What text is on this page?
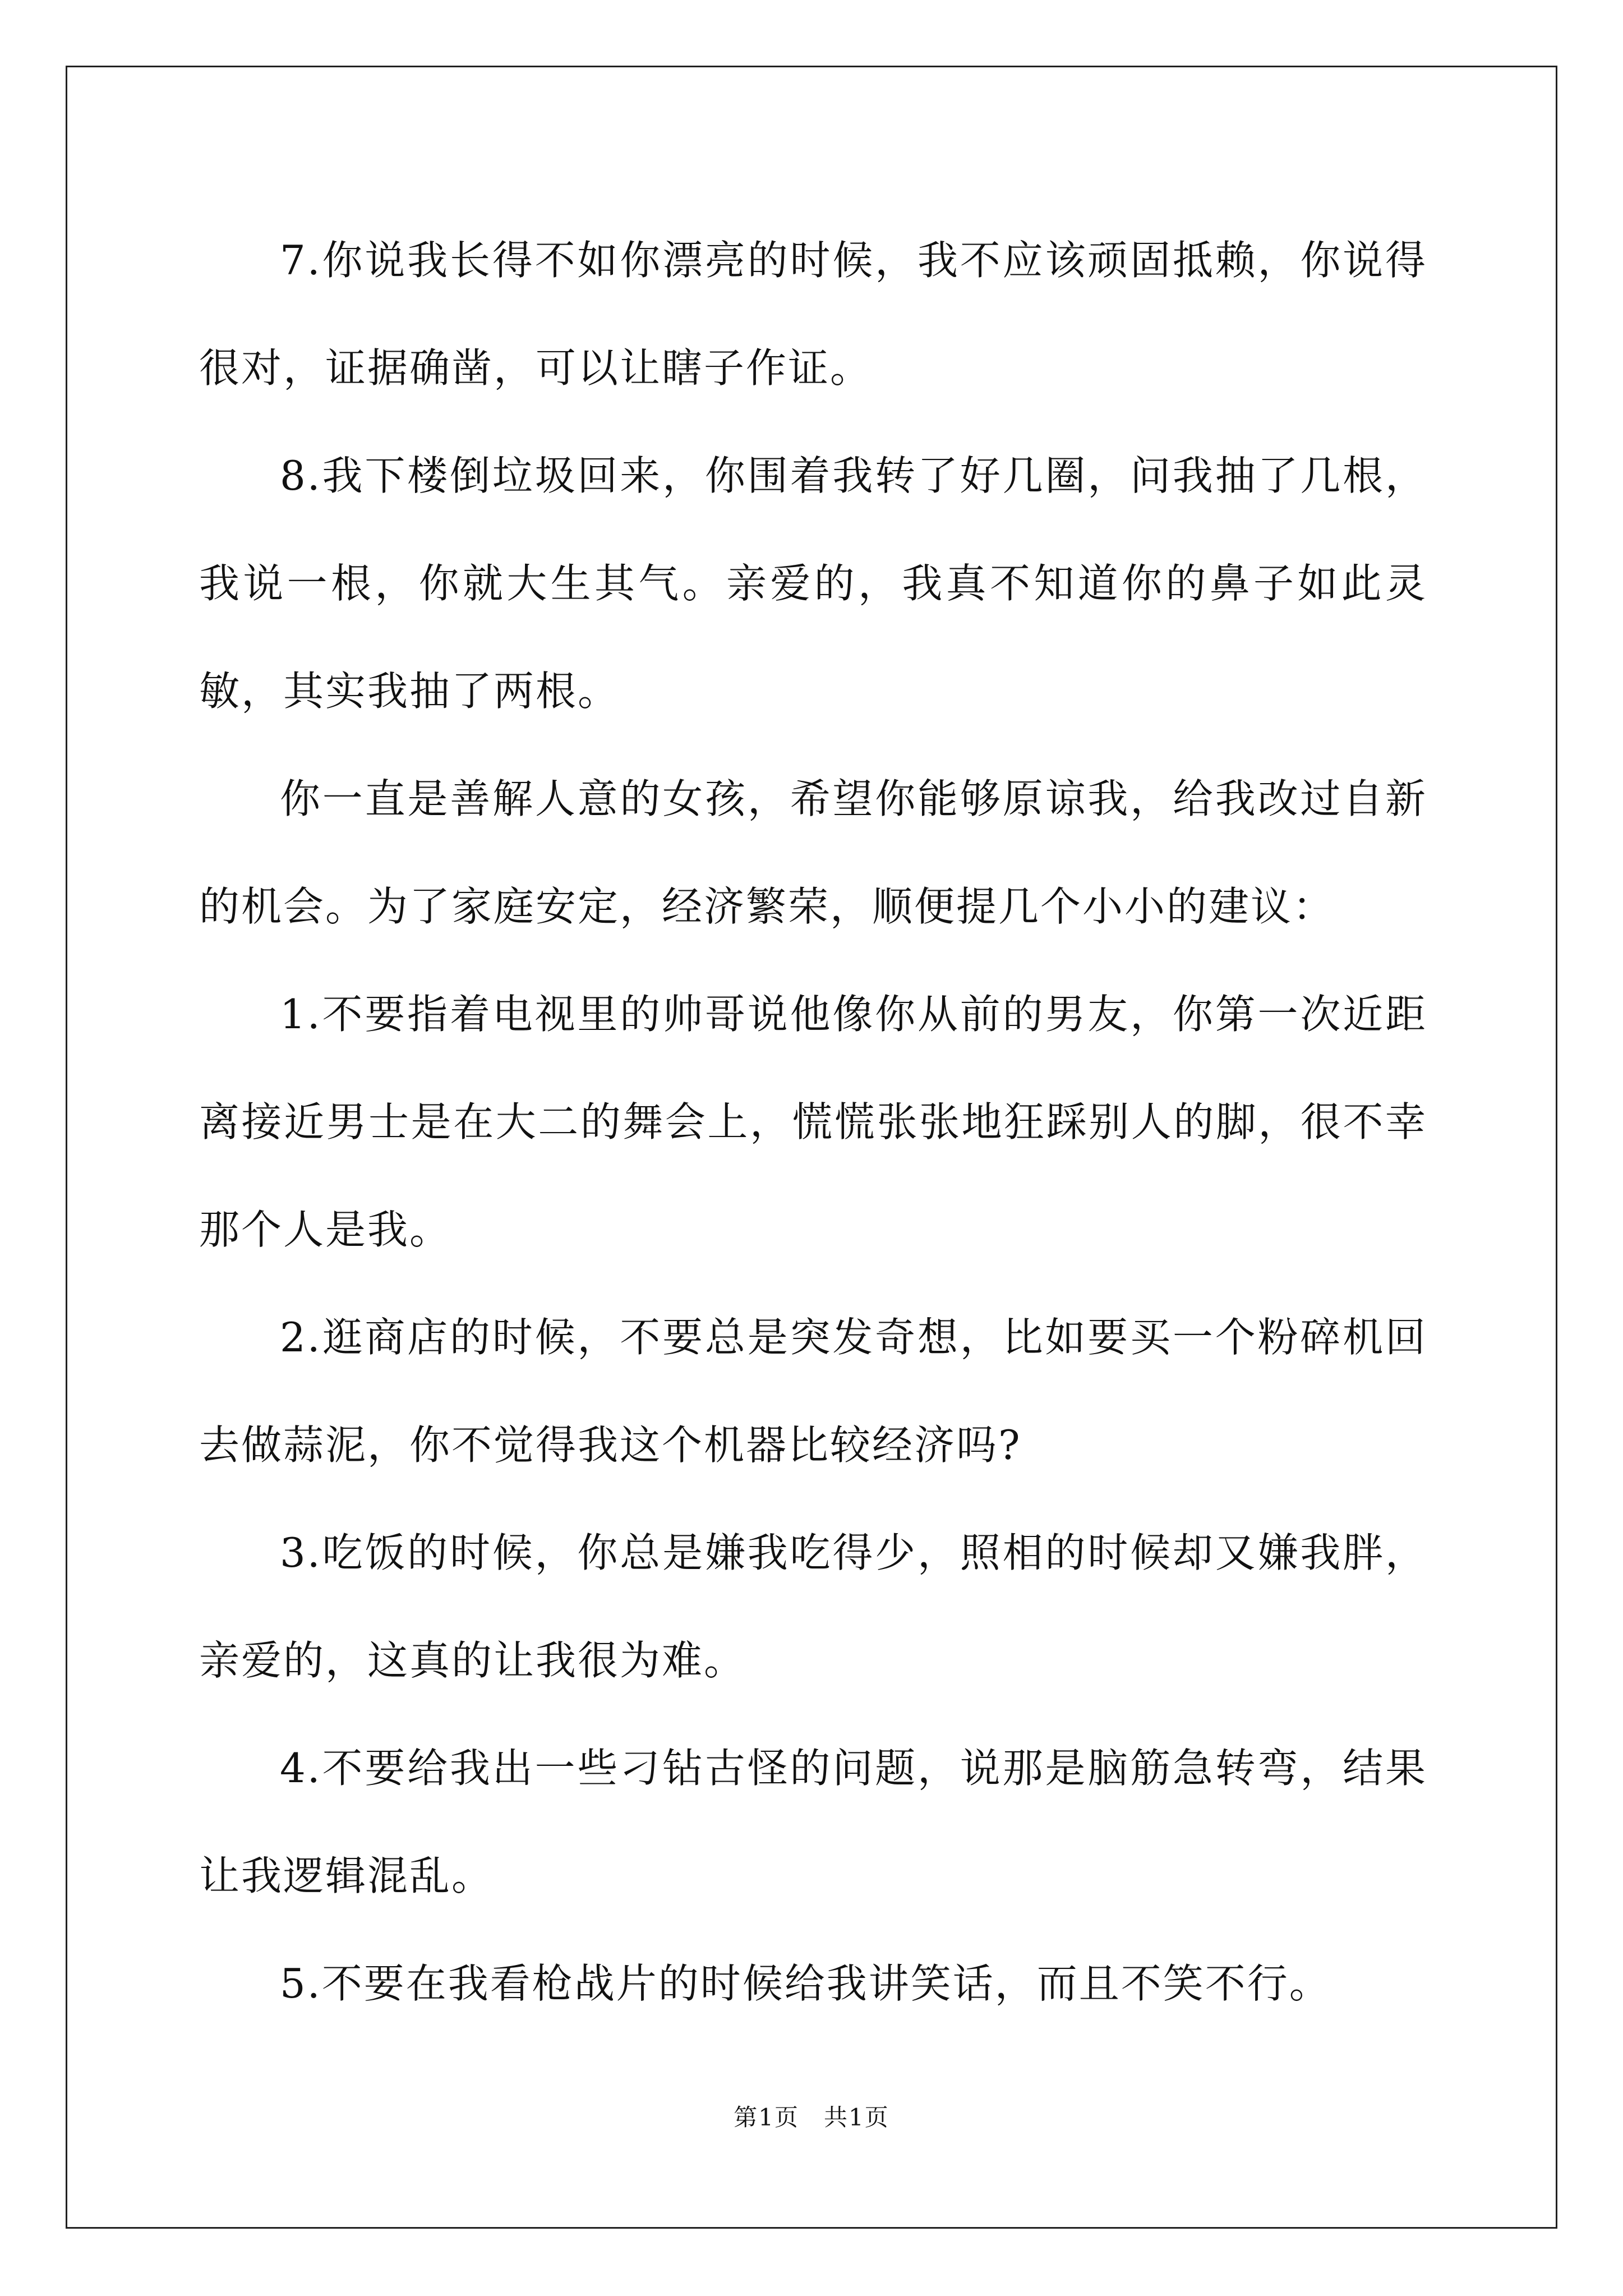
7.你说我长得不如你漂亮的时候，我不应该顽固抵赖，你说得很对，证据确凿，可以让瞎子作证。

8.我下楼倒垃圾回来，你围着我转了好几圈，问我抽了几根，我说一根，你就大生其气。亲爱的，我真不知道你的鼻子如此灵敏，其实我抽了两根。

你一直是善解人意的女孩，希望你能够原谅我，给我改过自新的机会。为了家庭安定，经济繁荣，顺便提几个小小的建议：

1.不要指着电视里的帅哥说他像你从前的男友，你第一次近距离接近男士是在大二的舞会上，慌慌张张地狂踩别人的脚，很不幸那个人是我。

2.逛商店的时候，不要总是突发奇想，比如要买一个粉碎机回去做蒜泥，你不觉得我这个机器比较经济吗?

3.吃饭的时候，你总是嫌我吃得少，照相的时候却又嫌我胖，亲爱的，这真的让我很为难。

4.不要给我出一些刁钻古怪的问题，说那是脑筋急转弯，结果让我逻辑混乱。

5.不要在我看枪战片的时候给我讲笑话，而且不笑不行。

第1页　共1页
